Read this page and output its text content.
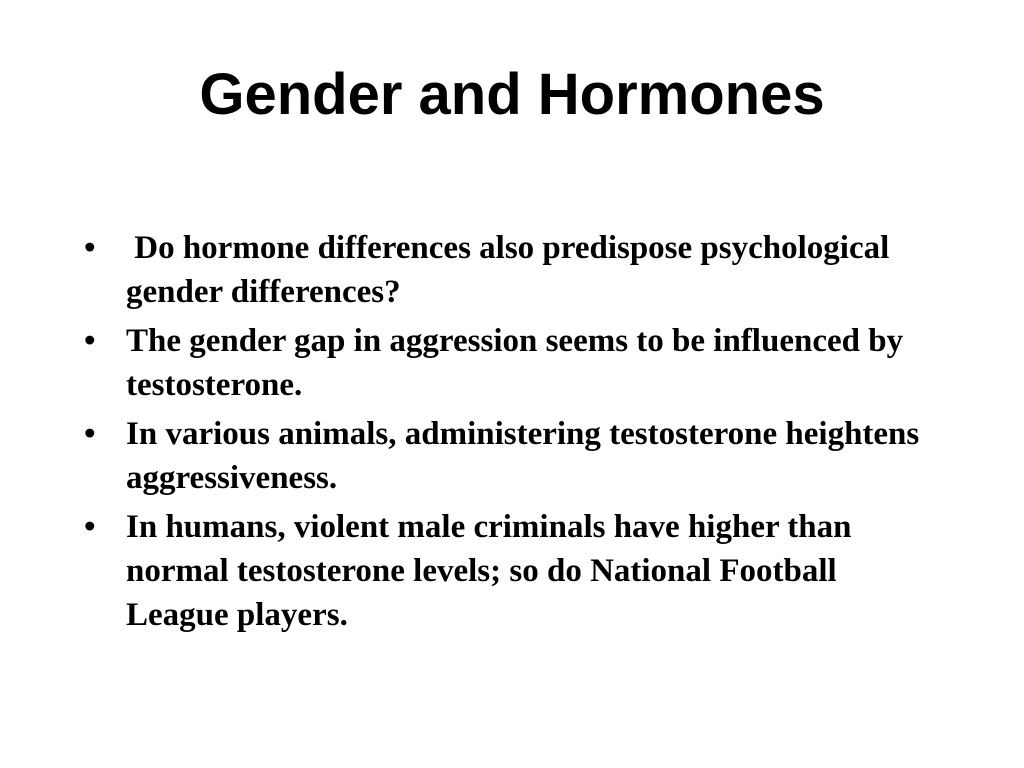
Gender and Hormones
• Do hormone differences also predispose psychological gender differences?
• The gender gap in aggression seems to be influenced by testosterone.
• In various animals, administering testosterone heightens aggressiveness.
• In humans, violent male criminals have higher than normal testosterone levels; so do National Football League players.
